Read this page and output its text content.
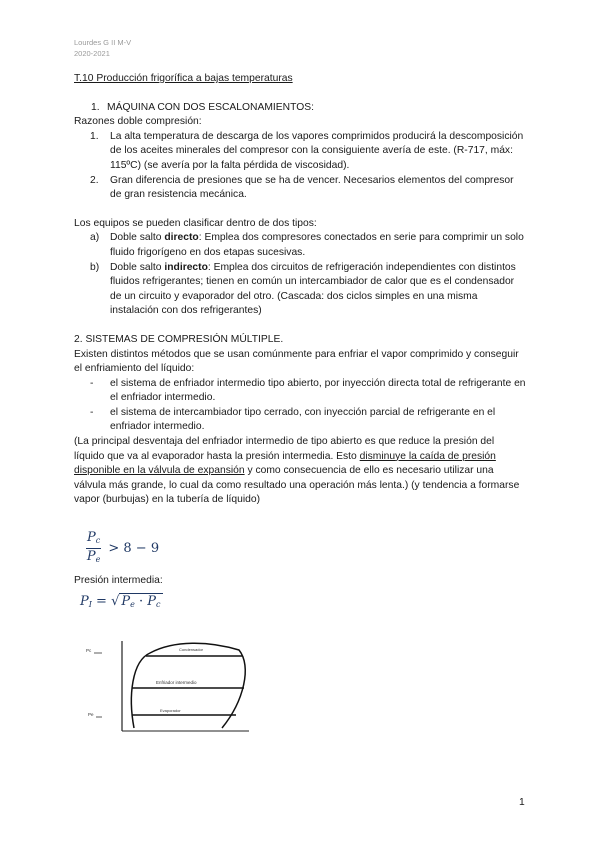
Lourdes G II M-V
2020-2021

T.10 Producción frigorífica a bajas temperaturas

1. MÁQUINA CON DOS ESCALONAMIENTOS:

Razones doble compresión:

1. La alta temperatura de descarga de los vapores comprimidos producirá la descomposición de los aceites minerales del compresor con la consiguiente avería de este. (R-717, máx: 115ºC) (se avería por la falta pérdida de viscosidad).
2. Gran diferencia de presiones que se ha de vencer. Necesarios elementos del compresor de gran resistencia mecánica.

Los equipos se pueden clasificar dentro de dos tipos:

a) Doble salto directo: Emplea dos compresores conectados en serie para comprimir un solo fluido frigorígeno en dos etapas sucesivas.
b) Doble salto indirecto: Emplea dos circuitos de refrigeración independientes con distintos fluidos refrigerantes; tienen en común un intercambiador de calor que es el condensador de un circuito y evaporador del otro. (Cascada: dos ciclos simples en una misma instalación con dos refrigerantes)

2. SISTEMAS DE COMPRESIÓN MÚLTIPLE.

Existen distintos métodos que se usan comúnmente para enfriar el vapor comprimido y conseguir el enfriamiento del líquido:

- el sistema de enfriador intermedio tipo abierto, por inyección directa total de refrigerante en el enfriador intermedio.
- el sistema de intercambiador tipo cerrado, con inyección parcial de refrigerante en el enfriador intermedio.

(La principal desventaja del enfriador intermedio de tipo abierto es que reduce la presión del líquido que va al evaporador hasta la presión intermedia. Esto disminuye la caída de presión disponible en la válvula de expansión y como consecuencia de ello es necesario utilizar una válvula más grande, lo cual da como resultado una operación más lenta.) (y tendencia a formarse vapor (burbujas) en la tubería de líquido)

$\frac{P_c}{P_e} > 8 - 9$
Presión intermedia:
$P_I$ = √ $P_e \cdot P_c$
Pc
Pe
Condensador
Enfriador intermedio
Evaporador
1
